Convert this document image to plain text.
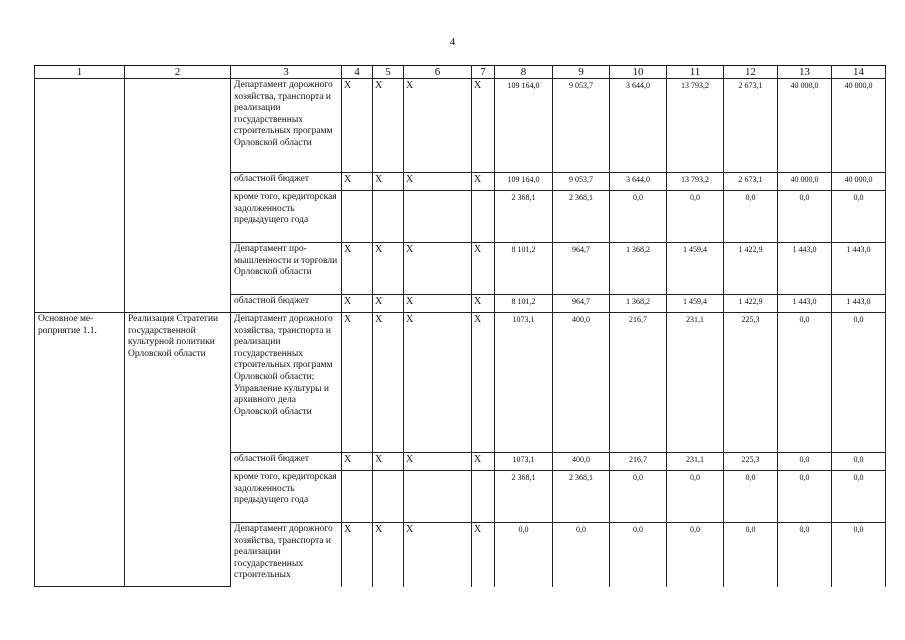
4
1	2	3	4	5	6	7	8	9	10	11	12	13	14
		Департамент дорожного хозяйства, транспорта и реализации государственных строительных программ Орловской области	X	X	X	X	109 164,0	9 053,7	3 644,0	13 793,2	2 673,1	40 000,0	40 000,0
		областной бюджет	X	X	X	X	109 164,0	9 053,7	3 644,0	13 793,2	2 673,1	40 000,0	40 000,0
		кроме того, кредиторская задолженность предыдущего года					2 368,1	2 368,1	0,0	0,0	0,0	0,0	0,0
		Департамент промышленности и торговли Орловской области	X	X	X	X	8 101,2	964,7	1 368,2	1 459,4	1 422,9	1 443,0	1 443,0
		областной бюджет	X	X	X	X	8 101,2	964,7	1 368,2	1 459,4	1 422,9	1 443,0	1 443,0
Основное мероприятие 1.1.	Реализация Стратегии государственной культурной политики Орловской области	Департамент дорожного хозяйства, транспорта и реализации государственных строительных программ Орловской области; Управление культуры и архивного дела Орловской области	X	X	X	X	1073,1	400,0	216,7	231,1	225,3	0,0	0,0
		областной бюджет	X	X	X	X	1073,1	400,0	216,7	231,1	225,3	0,0	0,0
		кроме того, кредиторская задолженность предыдущего года					2 368,1	2 368,1	0,0	0,0	0,0	0,0	0,0
		Департамент дорожного хозяйства, транспорта и реализации государственных строительных	X	X	X	X	0,0	0,0	0,0	0,0	0,0	0,0	0,0
